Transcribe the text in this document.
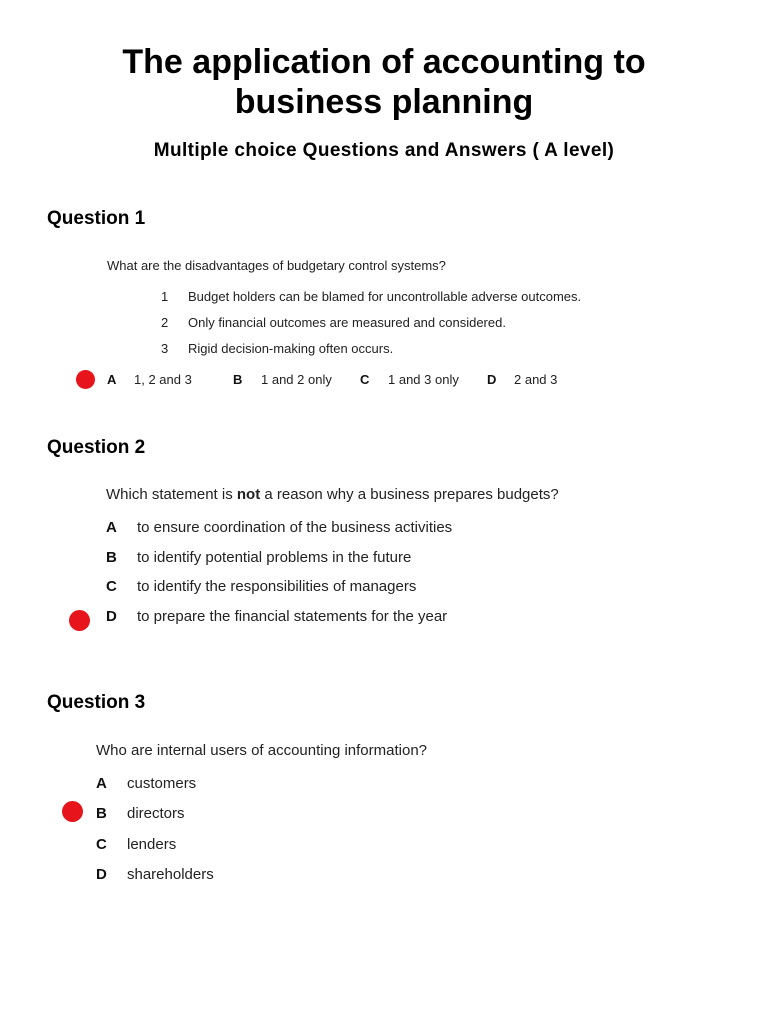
The application of accounting to
business planning
Multiple choice Questions and Answers ( A level)
Question 1
What are the disadvantages of budgetary control systems?
1 Budget holders can be blamed for uncontrollable adverse outcomes.
2 Only financial outcomes are measured and considered.
3 Rigid decision-making often occurs.
A 1, 2 and 3	B 1 and 2 only C 1 and 3 only D 2 and 3
Question 2
Which statement is not a reason why a business prepares budgets?
A to ensure coordination of the business activities
B to identify potential problems in the future
C to identify the responsibilities of managers
D to prepare the financial statements for the year
Question 3
Who are internal users of accounting information?
A customers
B directors
C lenders
D shareholders
